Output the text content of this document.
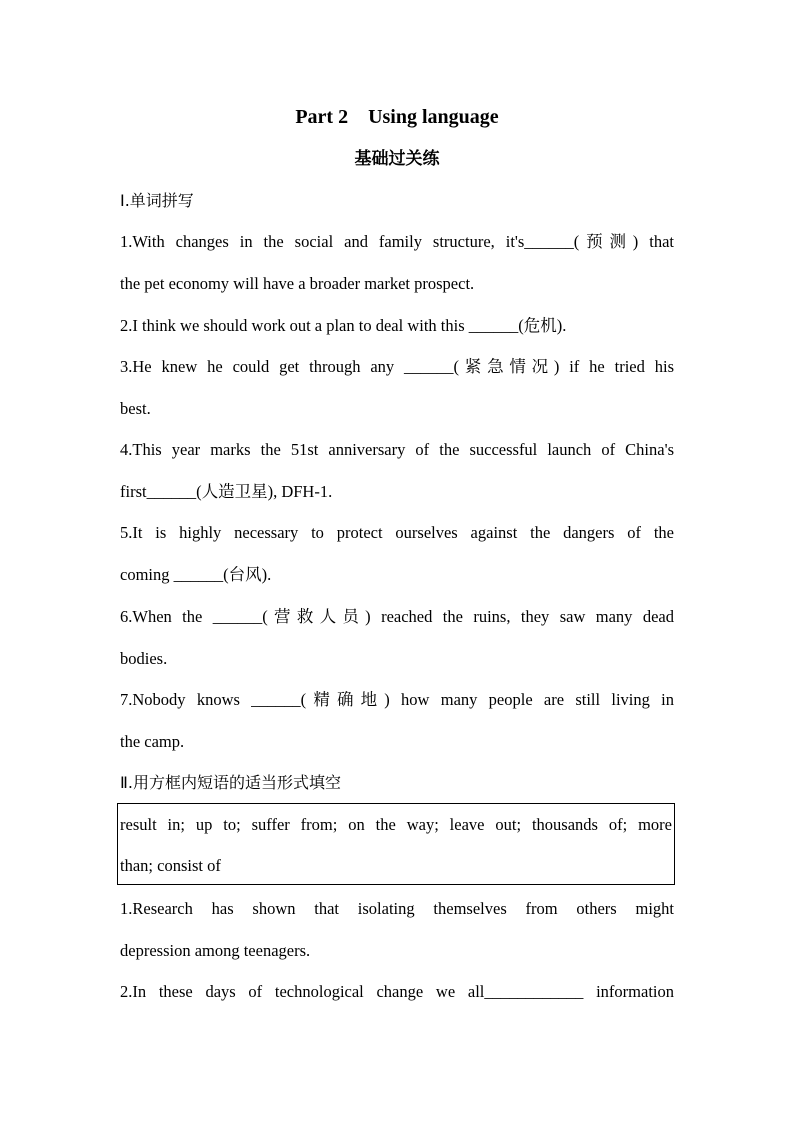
Part 2    Using language
基础过关练
Ⅰ.单词拼写
1.With changes in the social and family structure, it's______(预测) that
the pet economy will have a broader market prospect.
2.I think we should work out a plan to deal with this ______(危机).
3.He knew he could get through any ______(紧急情况) if he tried his
best.
4.This year marks the 51st anniversary of the successful launch of China's
first______(人造卫星), DFH-1.
5.It is highly necessary to protect ourselves against the dangers of the
coming ______(台风).
6.When the ______(营救人员) reached the ruins, they saw many dead
bodies.
7.Nobody knows ______(精确地) how many people are still living in
the camp.
Ⅱ.用方框内短语的适当形式填空
result in; up to; suffer from; on the way; leave out; thousands of; more
than; consist of
1.Research has shown that isolating themselves from others might
depression among teenagers.
2.In these days of technological change we all____________ information
